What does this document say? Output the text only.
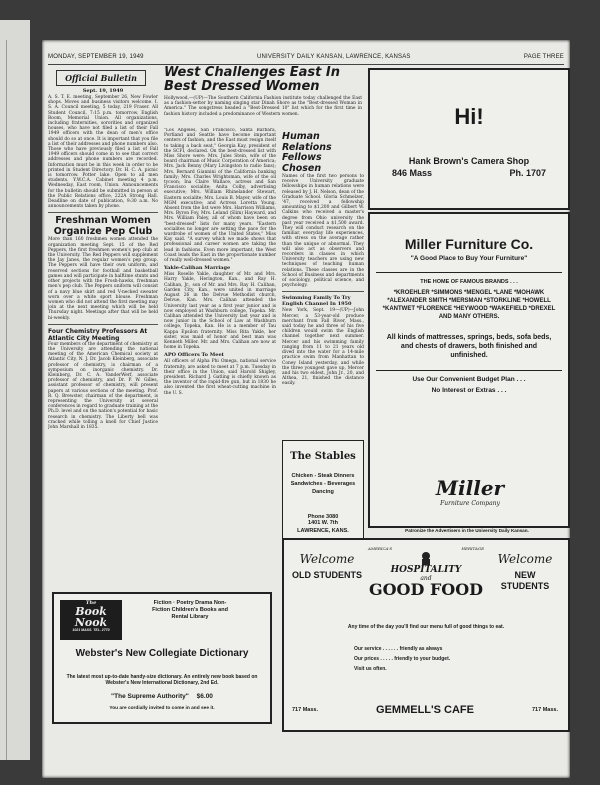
MONDAY, SEPTEMBER 19, 1949	UNIVERSITY DAILY KANSAN, LAWRENCE, KANSAS	PAGE THREE
Official Bulletin
Sept. 19, 1949

A. S. T. E. meeting, September 26, New Fowler shops. Moves and business visitors welcome. I. S. A. Council meeting, 5 today, 219 Fraser. All Student Council, 7:15 p.m. tomorrow, English Room, Memorial Union. All organizations, including fraternities, sororities and organized houses, who have not filed a list of their Fall 1949 officers with the dean of men's office should do so at once. It is important that you file a list of their addresses and phone numbers also. Those who have previously filed a list of Fall 1949 officers should come in to see that correct addresses and phone numbers are recorded. Information must be in this week in order to be printed in Student Directory. Dr. H. C. A. picnic is tomorrow. Potter lake. Open to all men students. Y.W.C.A. Cabinet meeting 4 p.m. Wednesday, East room, Union. Announcements for the bulletin should be submitted in person at the Public Relations office, 222A Strong Hall. Deadline on date of publication, 9:30 a.m. No announcements taken by phone.

Freshman Women Organize Pep Club

More than 160 freshmen women attended the organization meeting Sept. 15 of the Red Peppers, the first freshmen women's pep club at the University. The Red Peppers will supplement the Jay Janes, the regular women's pep group. The Peppers will have their own uniform, and reserved sections for football and basketball games and will participate in halftime stunts and other projects with the Frosh-hawks, freshman men's pep club. The Peppers uniform will consist of a navy blue skirt and red V-necked sweater worn over a white sport blouse. Freshman women who did not attend the first meeting may join at the next meeting which will be held Thursday night. Meetings after that will be held bi-weekly.

Four Chemistry Professors At Atlantic City Meeting

Four members of the department of chemistry at the University are attending the national meeting of the American Chemical society at Atlantic City, N. J. Dr. Jacob Kleinberg, associate professor of chemistry, is chairman of a symposium on inorganic chemistry. Dr. Kleinberg, Dr. C. A. VanderWerf, associate professor of chemistry, and Dr. P. W. Gilles, assistant professor of chemistry, will present papers at various sections of the meeting. Prof. R. Q. Brewster, chairman of the department, is representing the University at several conferences in regard to graduate training at the Ph.D. level and on the nation's potential for basic research in chemistry. The Liberty bell was cracked while tolling a knell for Chief Justice John Marshall in 1835.

"Los Angeles, San Francisco, Santa Barbara, Portland and Seattle have become important centers of fashion, and the East must resign itself to taking a back seat," Georgia Kay, president of the SCFI, declared. On the best-dressed list with Miss Shore were: Mrs. Jules Stein, wife of the board chairman of Music Corporation of America; Mrs. Jack Benny (Mary Livingston to radio fans); Mrs. Bernard Giannini of the California banking family; Mrs. Charles Wrightsman, wife of the oil tycoon; Ina Claire Wallace, actress and San Francisco socialite; Anita Colby, advertising executive; Mrs. William Rhinelander Stewart, Eastern socialite; Mrs. Louis B. Mayer, wife of the MGM executive; and Actress Loretta Young. Absent from the list were Mrs. Harrison Williams, Mrs. Byron Foy, Mrs. Leland (Slim) Hayward, and Mrs. William Paley, all of whom have been on "best-dressed" lists for many years. "Eastern socialites no longer are setting the pace for the wardrobe of women of the United States," Miss Kay said. "A survey which we made shows that professional and career women are taking the lead in fashions. Even more important, the West Coast leads the East in the proportionate number of really well-dressed women."

Yakle-Calihan Marriage

Miss Roselle Yakle, daughter of Mr. and Mrs. Harry Yakle, Herington, Kan., and Ray H. Calihan, Jr., son of Mr. and Mrs. Ray H. Calihan, Garden City, Kan., were united in marriage August 26 in the Delvue Methodist church, Delvue, Kan. Mrs. Calihan attended the University last year as a first year junior and is now employed at Washburn college, Topeka. Mr. Calihan attended the University last year and is now junior in the School of Law at Washburn college, Topeka, Kan. He is a member of Tau Kappa Epsilon fraternity. Miss Rita Yakle, her sister, was maid of honor and best man was Kenneth Miller. Mr. and Mrs. Calihan are now at home in Topeka.

APO Officers To Meet

All officers of Alpha Phi Omega, national service fraternity, are asked to meet at 7 p.m. Tuesday in their office in the Union, said Harold Shigley, president. Richard J. Gatling is chiefly known as the inventor of the rapid-fire gun, but in 1830 he also invented the first wheat-cutting machine in the U. S.

West Challenges East In Best Dressed Women

Hollywood,—(UP)—The Southern California Fashion institute today challenged the East as a fashion-setter by naming singing star Dinah Shore as the "Best-dressed Woman in America." The songstress headed a "Best-Dressed 10" list which for the first time in fashion history included a predominance of Western women.

Human Relations Fellows Chosen

Names of the first two persons to receive University graduate fellowships in human relations were released by J. H. Nelson, dean of the Graduate School. Gloria Schmelzer, '47, received a fellowship amounting to $1,200 and Gilbert W. Calkins who received a master's degree from Ohio university the past year received a $1,500 award. They will conduct research on the familiar, everyday life experiences, with stress on the average rather than the unique or abnormal. They will also act as observers and recorders in classes in which University teachers are using new techniques of teaching human relations. These classes are in the School of Business and departments of sociology, political science, and psychology.

Swimming Family To Try English Channel In 1950

New York, Sept. 19—(UP)—John Mercer, a 53-year-old produce merchant from Fall River, Mass., said today he and three of his five children would swim the English channel together next summer. Mercer and his swimming family ranging from 11 to 21 years old dived into the water for a 14-mile practice swim from Manhattan to Coney Island yesterday, and while the three youngest gave up, Mercer and his two eldest, John Jr., 20, and Althea, 21, finished the distance easily.

Hi!
Hank Brown's Camera Shop
846 Mass	Ph. 1707
Miller Furniture Co.
"A Good Place to Buy Your Furniture"
THE HOME OF FAMOUS BRANDS . . .
*KROEHLER *SIMMONS *MENGEL *LANE *MOHAWK *ALEXANDER SMITH *MERSMAN *STORKLINE *HOWELL *KANTWET *FLORENCE *HEYWOOD *WAKEFIELD *DREXEL AND MANY OTHERS.
All kinds of mattresses, springs, beds, sofa beds, and chests of drawers, both finished and unfinished.
Use Our Convenient Budget Plan . . .
No Interest or Extras . . .
Miller
Furniture Company
Patronize the Advertisers in the University Daily Kansan.
The Stables
Chicken - Steak Dinners Sandwiches - Beverages Dancing
Phone 3080
1401 W. 7th
LAWRENCE, KANS.
The
Book
Nook
1021 MASS. TEL. 2770
Fiction · Poetry Drama Non-Fiction Children's Books and Rental Library
Webster's New Collegiate Dictionary
The latest most up-to-date handy-size dictionary. An entirely new book based on Webster's New International Dictionary, 2nd Ed.
"The Supreme Authority" $6.00
You are cordially invited to come in and see it.
Welcome
OLD STUDENTS
Welcome
NEW STUDENTS
AMERICA'S	HERITAGE
HOSPITALITY
and
GOOD FOOD
Any time of the day you'll find our menu full of good things to eat.
Our service . . . . . . friendly as always
Our prices . . . . . friendly to your budget.
Visit us often.
717 Mass.	GEMMELL'S CAFE	717 Mass.
